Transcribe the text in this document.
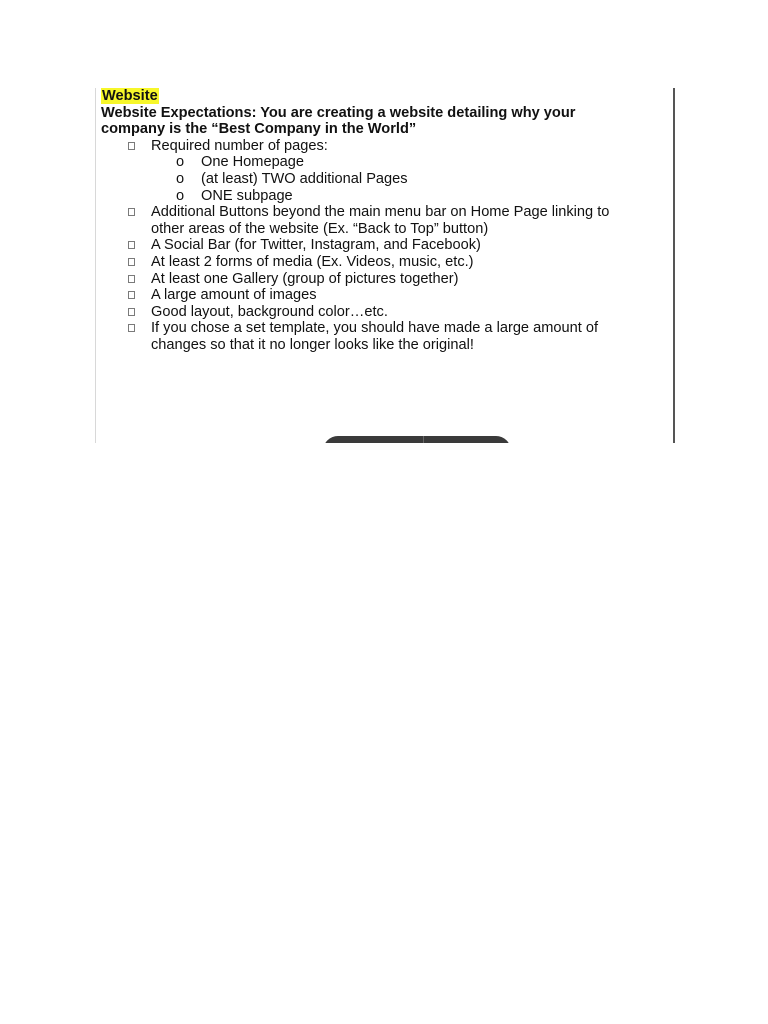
Website
Website Expectations: You are creating a website detailing why your
company is the “Best Company in the World”
Required number of pages:
o One Homepage
o (at least) TWO additional Pages
o ONE subpage
Additional Buttons beyond the main menu bar on Home Page linking to
other areas of the website (Ex. “Back to Top” button)
A Social Bar (for Twitter, Instagram, and Facebook)
At least 2 forms of media (Ex. Videos, music, etc.)
At least one Gallery (group of pictures together)
A large amount of images
Good layout, background color…etc.
If you chose a set template, you should have made a large amount of
changes so that it no longer looks like the original!
